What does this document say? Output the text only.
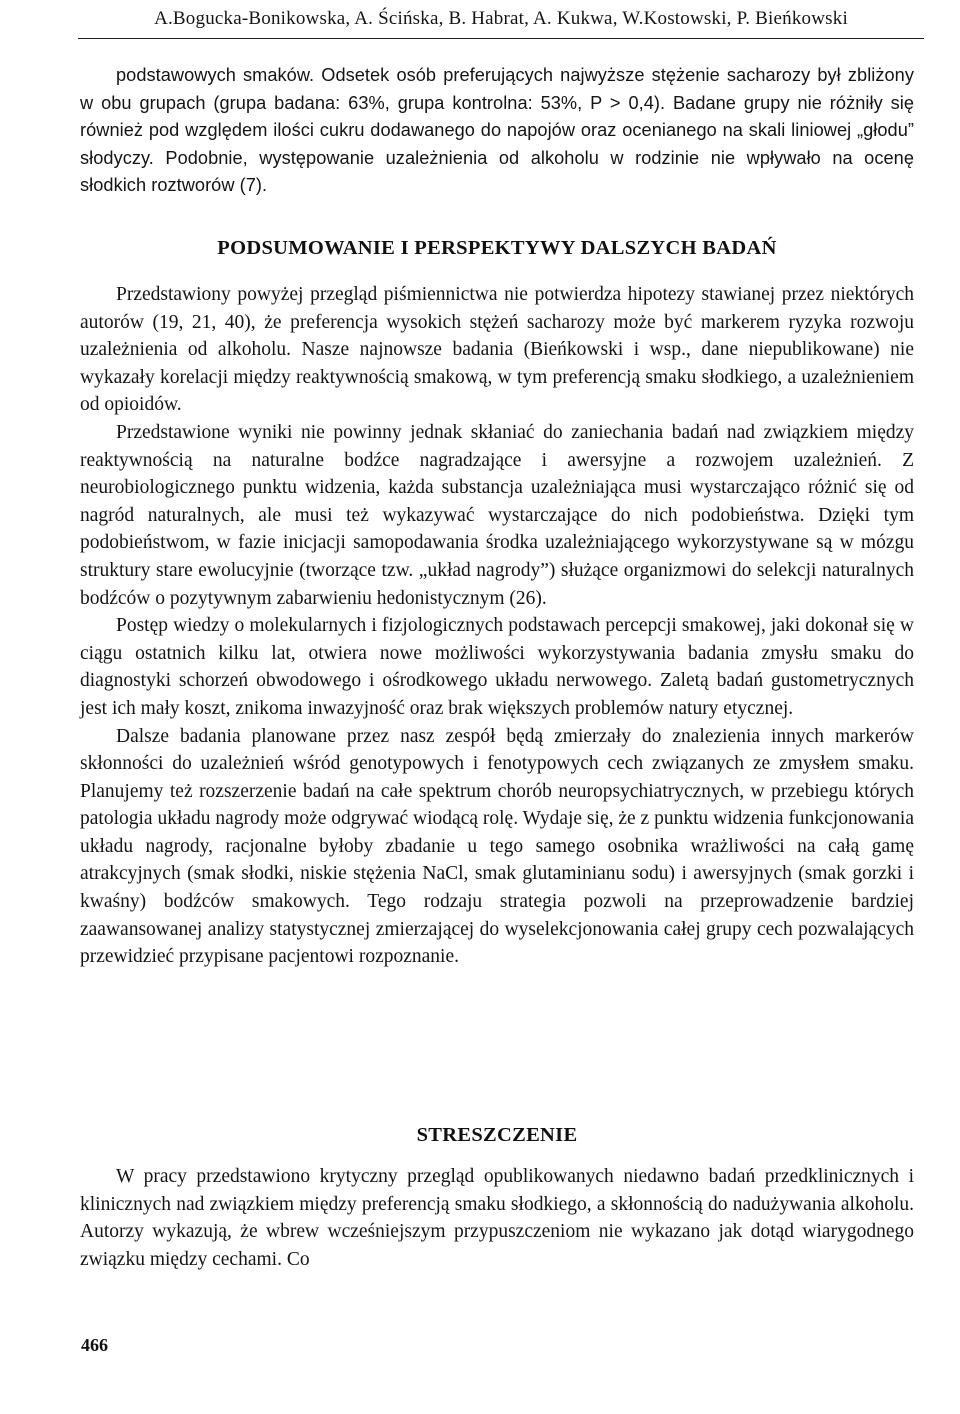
A.Bogucka-Bonikowska, A. Ścińska, B. Habrat, A. Kukwa, W.Kostowski, P. Bieńkowski

podstawowych smaków. Odsetek osób preferujących najwyższe stężenie sacharozy był zbliżony w obu grupach (grupa badana: 63%, grupa kontrolna: 53%, P > 0,4). Badane grupy nie różniły się również pod względem ilości cukru dodawanego do napojów oraz ocenianego na skali liniowej „głodu” słodyczy. Podobnie, występowanie uzależnienia od alkoholu w rodzinie nie wpływało na ocenę słodkich roztworów (7).

PODSUMOWANIE I PERSPEKTYWY DALSZYCH BADAŃ

Przedstawiony powyżej przegląd piśmiennictwa nie potwierdza hipotezy stawianej przez niektórych autorów (19, 21, 40), że preferencja wysokich stężeń sacharozy może być markerem ryzyka rozwoju uzależnienia od alkoholu. Nasze najnowsze badania (Bieńkowski i wsp., dane niepublikowane) nie wykazały korelacji między reaktywnością smakową, w tym preferencją smaku słodkiego, a uzależnieniem od opioidów.

Przedstawione wyniki nie powinny jednak skłaniać do zaniechania badań nad związkiem między reaktywnością na naturalne bodźce nagradzające i awersyjne a rozwojem uzależnień. Z neurobiologicznego punktu widzenia, każda substancja uzależniająca musi wystarczająco różnić się od nagród naturalnych, ale musi też wykazywać wystarczające do nich podobieństwa. Dzięki tym podobieństwom, w fazie inicjacji samopodawania środka uzależniającego wykorzystywane są w mózgu struktury stare ewolucyjnie (tworzące tzw. „układ nagrody”) służące organizmowi do selekcji naturalnych bodźców o pozytywnym zabarwieniu hedonistycznym (26).

Postęp wiedzy o molekularnych i fizjologicznych podstawach percepcji smakowej, jaki dokonał się w ciągu ostatnich kilku lat, otwiera nowe możliwości wykorzystywania badania zmysłu smaku do diagnostyki schorzeń obwodowego i ośrodkowego układu nerwowego. Zaletą badań gustometrycznych jest ich mały koszt, znikoma inwazyjność oraz brak większych problemów natury etycznej.

Dalsze badania planowane przez nasz zespół będą zmierzały do znalezienia innych markerów skłonności do uzależnień wśród genotypowych i fenotypowych cech związanych ze zmysłem smaku. Planujemy też rozszerzenie badań na całe spektrum chorób neuropsychiatrycznych, w przebiegu których patologia układu nagrody może odgrywać wiodącą rolę. Wydaje się, że z punktu widzenia funkcjonowania układu nagrody, racjonalne byłoby zbadanie u tego samego osobnika wrażliwości na całą gamę atrakcyjnych (smak słodki, niskie stężenia NaCl, smak glutaminianu sodu) i awersyjnych (smak gorzki i kwaśny) bodźców smakowych. Tego rodzaju strategia pozwoli na przeprowadzenie bardziej zaawansowanej analizy statystycznej zmierzającej do wyselekcjonowania całej grupy cech pozwalających przewidzieć przypisane pacjentowi rozpoznanie.

STRESZCZENIE

W pracy przedstawiono krytyczny przegląd opublikowanych niedawno badań przedklinicznych i klinicznych nad związkiem między preferencją smaku słodkiego, a skłonnością do nadużywania alkoholu. Autorzy wykazują, że wbrew wcześniejszym przypuszczeniom nie wykazano jak dotąd wiarygodnego związku między cechami. Co

466
